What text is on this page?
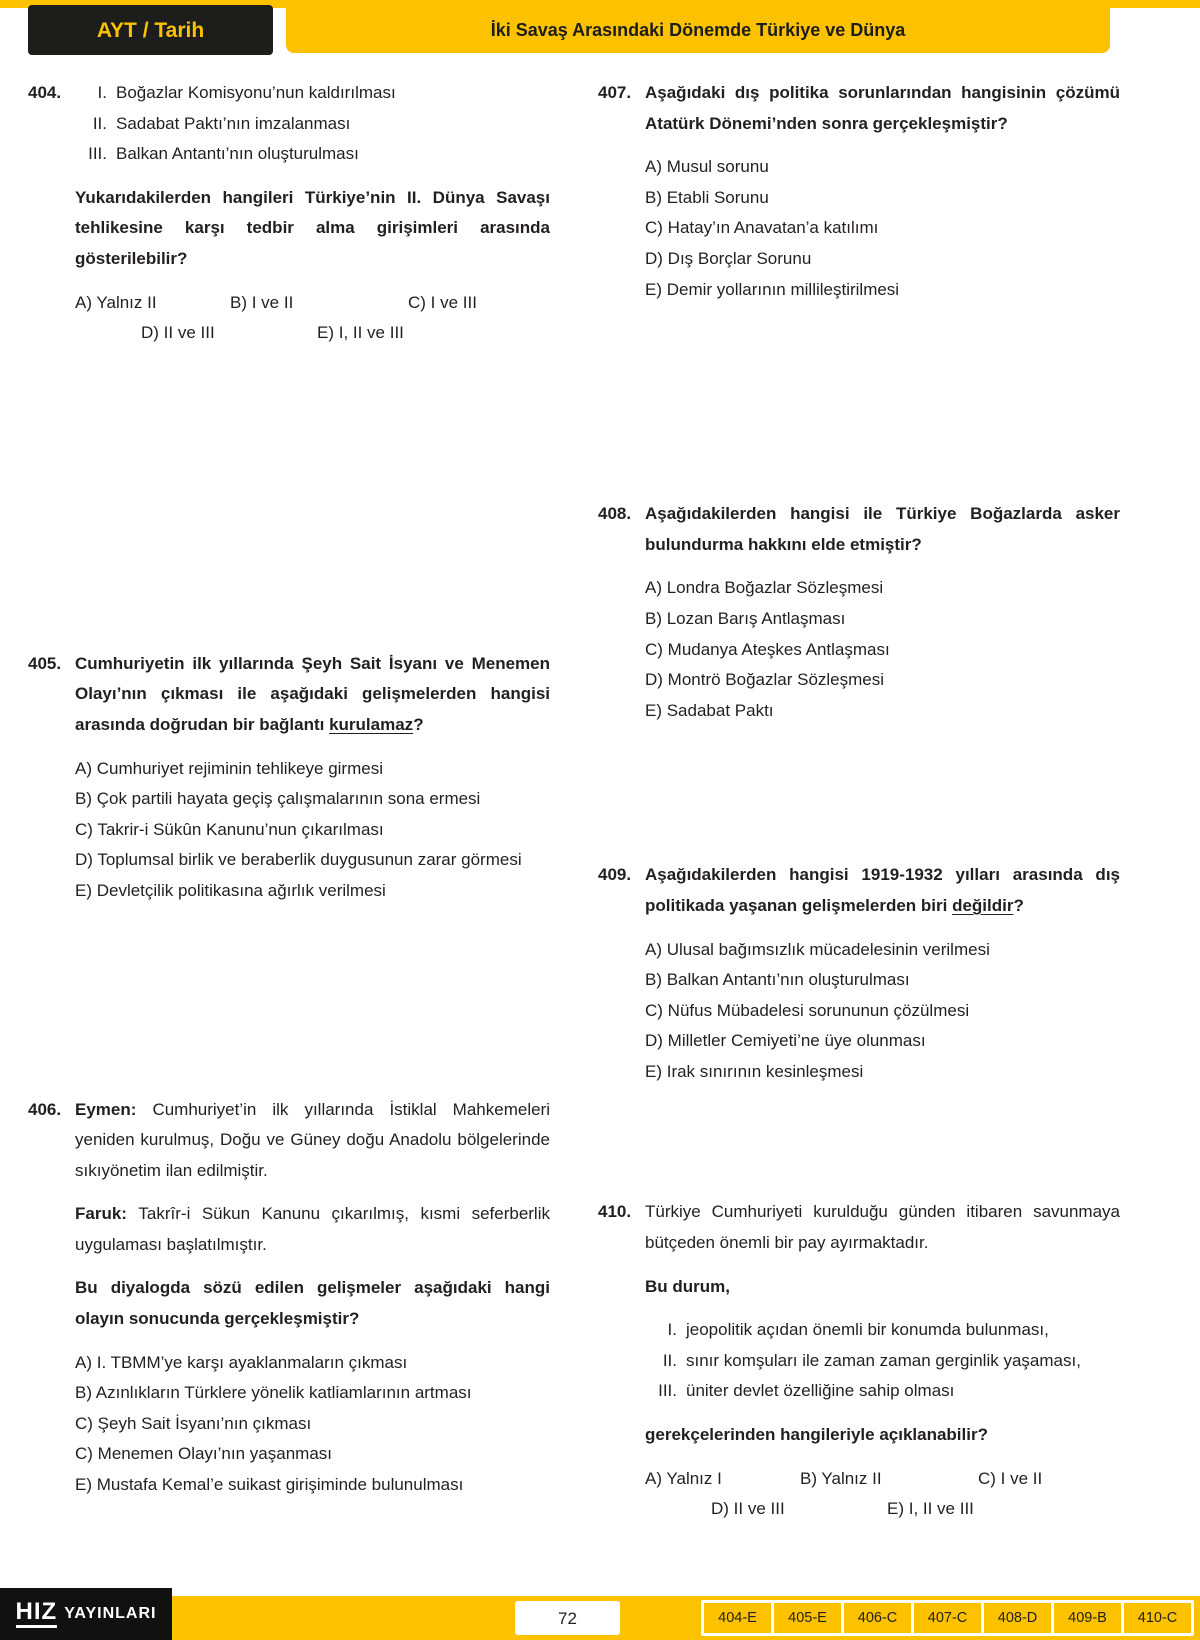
AYT / Tarih	İki Savaş Arasındaki Dönemde Türkiye ve Dünya
404.	I. Boğazlar Komisyonu’nun kaldırılması
II. Sadabat Paktı’nın imzalanması
III. Balkan Antantı’nın oluşturulması

Yukarıdakilerden hangileri Türkiye’nin II. Dünya Savaşı tehlikesine karşı tedbir alma girişimleri arasında gösterilebilir?

A) Yalnız II	B) I ve II	C) I ve III
D) II ve III	E) I, II ve III
405. Cumhuriyetin ilk yıllarında Şeyh Sait İsyanı ve Menemen Olayı’nın çıkması ile aşağıdaki gelişmelerden hangisi arasında doğrudan bir bağlantı kurulamaz?

A) Cumhuriyet rejiminin tehlikeye girmesi
B) Çok partili hayata geçiş çalışmalarının sona ermesi
C) Takrir-i Sükûn Kanunu’nun çıkarılması
D) Toplumsal birlik ve beraberlik duygusunun zarar görmesi
E) Devletçilik politikasına ağırlık verilmesi
406. Eymen: Cumhuriyet’in ilk yıllarında İstiklal Mahkemeleri yeniden kurulmuş, Doğu ve Güney doğu Anadolu bölgelerinde sıkıyönetim ilan edilmiştir.

Faruk: Takrîr-i Sükun Kanunu çıkarılmış, kısmi seferberlik uygulaması başlatılmıştır.

Bu diyalogda sözü edilen gelişmeler aşağıdaki hangi olayın sonucunda gerçekleşmiştir?

A) I. TBMM’ye karşı ayaklanmaların çıkması
B) Azınlıkların Türklere yönelik katliamlarının artması
C) Şeyh Sait İsyanı’nın çıkması
C) Menemen Olayı’nın yaşanması
E) Mustafa Kemal’e suikast girişiminde bulunulması
407. Aşağıdaki dış politika sorunlarından hangisinin çözümü Atatürk Dönemi’nden sonra gerçekleşmiştir?

A) Musul sorunu
B) Etabli Sorunu
C) Hatay’ın Anavatan’a katılımı
D) Dış Borçlar Sorunu
E) Demir yollarının millileştirilmesi
408. Aşağıdakilerden hangisi ile Türkiye Boğazlarda asker bulundurma hakkını elde etmiştir?

A) Londra Boğazlar Sözleşmesi
B) Lozan Barış Antlaşması
C) Mudanya Ateşkes Antlaşması
D) Montrö Boğazlar Sözleşmesi
E) Sadabat Paktı
409. Aşağıdakilerden hangisi 1919-1932 yılları arasında dış politikada yaşanan gelişmelerden biri değildir?

A) Ulusal bağımsızlık mücadelesinin verilmesi
B) Balkan Antantı’nın oluşturulması
C) Nüfus Mübadelesi sorununun çözülmesi
D) Milletler Cemiyeti’ne üye olunması
E) Irak sınırının kesinleşmesi
410. Türkiye Cumhuriyeti kurulduğu günden itibaren savunmaya bütçeden önemli bir pay ayırmaktadır.

Bu durum,

I. jeopolitik açıdan önemli bir konumda bulunması,
II. sınır komşuları ile zaman zaman gerginlik yaşaması,
III. üniter devlet özelliğine sahip olması

gerekçelerinden hangileriyle açıklanabilir?

A) Yalnız I	B) Yalnız II	C) I ve II
D) II ve III	E) I, II ve III
72	404-E	405-E	406-C	407-C	408-D	409-B	410-C
HIZ YAYINLARI
